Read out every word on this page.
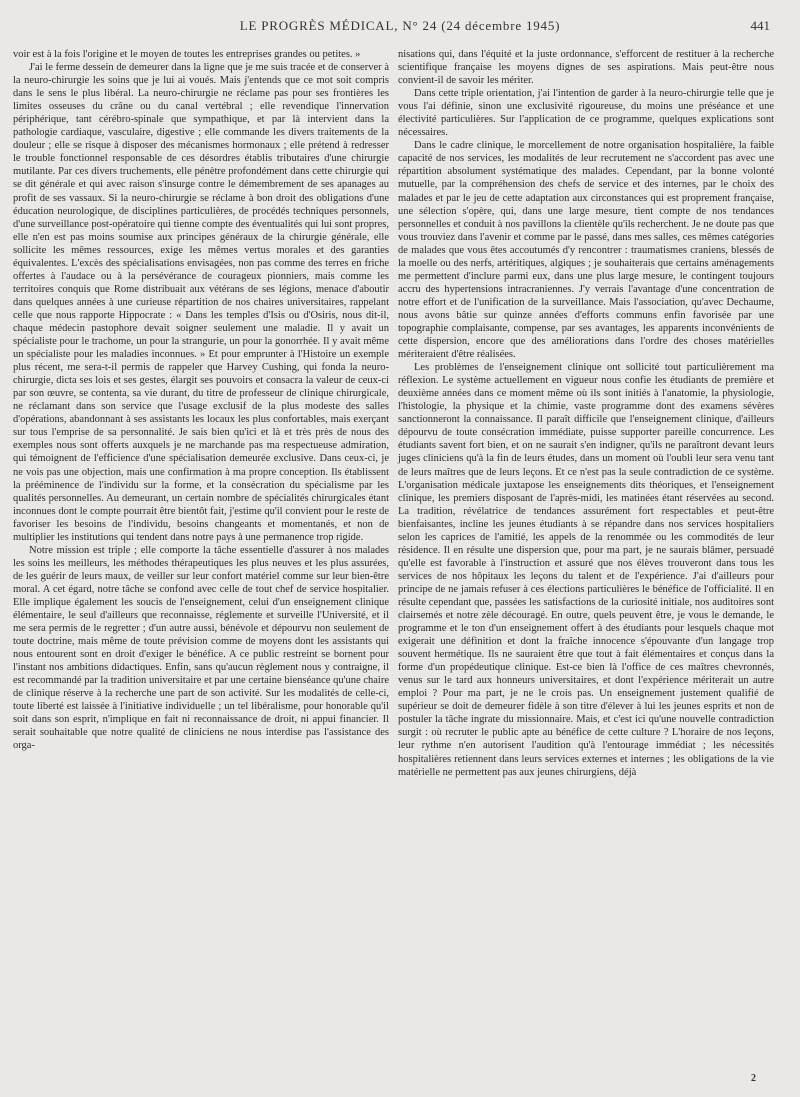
LE PROGRÈS MÉDICAL, N° 24 (24 décembre 1945)	441

voir est à la fois l'origine et le moyen de toutes les entreprises grandes ou petites. »

J'ai le ferme dessein de demeurer dans la ligne que je me suis tracée et de conserver à la neuro-chirurgie les soins que je lui ai voués. Mais j'entends que ce mot soit compris dans le sens le plus libéral. La neuro-chirurgie ne réclame pas pour ses frontières les limites osseuses du crâne ou du canal vertébral ; elle revendique l'innervation périphérique, tant cérébro-spinale que sympathique, et par là intervient dans la pathologie cardiaque, vasculaire, digestive ; elle commande les divers traitements de la douleur ; elle se risque à disposer des mécanismes hormonaux ; elle prétend à redresser le trouble fonctionnel responsable de ces désordres établis tributaires d'une chirurgie mutilante. Par ces divers truchements, elle pénètre profondément dans cette chirurgie qui se dit générale et qui avec raison s'insurge contre le démembrement de ses apanages au profit de ses vassaux. Si la neuro-chirurgie se réclame à bon droit des obligations d'une éducation neurologique, de disciplines particulières, de procédés techniques personnels, d'une surveillance post-opératoire qui tienne compte des éventualités qui lui sont propres, elle n'en est pas moins soumise aux principes généraux de la chirurgie générale, elle sollicite les mêmes ressources, exige les mêmes vertus morales et des garanties équivalentes. L'excès des spécialisations envisagées, non pas comme des terres en friche offertes à l'audace ou à la persévérance de courageux pionniers, mais comme les territoires conquis que Rome distribuait aux vétérans de ses légions, menace d'aboutir dans quelques années à une curieuse répartition de nos chaires universitaires, rappelant celle que nous rapporte Hippocrate : « Dans les temples d'Isis ou d'Osiris, nous dit-il, chaque médecin pastophore devait soigner seulement une maladie. Il y avait un spécialiste pour le trachome, un pour la strangurie, un pour la gonorrhée. Il y avait même un spécialiste pour les maladies inconnues. » Et pour emprunter à l'Histoire un exemple plus récent, me sera-t-il permis de rappeler que Harvey Cushing, qui fonda la neuro-chirurgie, dicta ses lois et ses gestes, élargit ses pouvoirs et consacra la valeur de ceux-ci par son œuvre, se contenta, sa vie durant, du titre de professeur de clinique chirurgicale, ne réclamant dans son service que l'usage exclusif de la plus modeste des salles d'opérations, abandonnant à ses assistants les locaux les plus confortables, mais exerçant sur tous l'emprise de sa personnalité. Je sais bien qu'ici et là et très près de nous des exemples nous sont offerts auxquels je ne marchande pas ma respectueuse admiration, qui témoignent de l'efficience d'une spécialisation demeurée exclusive. Dans ceux-ci, je ne vois pas une objection, mais une confirmation à ma propre conception. Ils établissent la prééminence de l'individu sur la forme, et la consécration du spécialisme par les qualités personnelles. Au demeurant, un certain nombre de spécialités chirurgicales étant inconnues dont le compte pourrait être bientôt fait, j'estime qu'il convient pour le reste de favoriser les besoins de l'individu, besoins changeants et momentanés, et non de multiplier les institutions qui tendent dans notre pays à une permanence trop rigide.

Notre mission est triple ; elle comporte la tâche essentielle d'assurer à nos malades les soins les meilleurs, les méthodes thérapeutiques les plus neuves et les plus assurées, de les guérir de leurs maux, de veiller sur leur confort matériel comme sur leur bien-être moral. A cet égard, notre tâche se confond avec celle de tout chef de service hospitalier. Elle implique également les soucis de l'enseignement, celui d'un enseignement clinique élémentaire, le seul d'ailleurs que reconnaisse, réglemente et surveille l'Université, et il me sera permis de le regretter ; d'un autre aussi, bénévole et dépourvu non seulement de toute doctrine, mais même de toute prévision comme de moyens dont les assistants qui nous entourent sont en droit d'exiger le bénéfice. A ce public restreint se bornent pour l'instant nos ambitions didactiques. Enfin, sans qu'aucun règlement nous y contraigne, il est recommandé par la tradition universitaire et par une certaine bienséance qu'une chaire de clinique réserve à la recherche une part de son activité. Sur les modalités de celle-ci, toute liberté est laissée à l'initiative individuelle ; un tel libéralisme, pour honorable qu'il soit dans son esprit, n'implique en fait ni reconnaissance de droit, ni appui financier. Il serait souhaitable que notre qualité de cliniciens ne nous interdise pas l'assistance des orga-

nisations qui, dans l'équité et la juste ordonnance, s'efforcent de restituer à la recherche scientifique française les moyens dignes de ses aspirations. Mais peut-être nous convient-il de savoir les mériter.

Dans cette triple orientation, j'ai l'intention de garder à la neuro-chirurgie telle que je vous l'ai définie, sinon une exclusivité rigoureuse, du moins une préséance et une électivité particulières. Sur l'application de ce programme, quelques explications sont nécessaires.

Dans le cadre clinique, le morcellement de notre organisation hospitalière, la faible capacité de nos services, les modalités de leur recrutement ne s'accordent pas avec une répartition absolument systématique des malades. Cependant, par la bonne volonté mutuelle, par la compréhension des chefs de service et des internes, par le choix des malades et par le jeu de cette adaptation aux circonstances qui est proprement française, une sélection s'opère, qui, dans une large mesure, tient compte de nos tendances personnelles et conduit à nos pavillons la clientèle qu'ils recherchent. Je ne doute pas que vous trouviez dans l'avenir et comme par le passé, dans mes salles, ces mêmes catégories de malades que vous êtes accoutumés d'y rencontrer : traumatismes craniens, blessés de la moelle ou des nerfs, artéritiques, algiques ; je souhaiterais que certains aménagements me permettent d'inclure parmi eux, dans une plus large mesure, le contingent toujours accru des hypertensions intracraniennes. J'y verrais l'avantage d'une concentration de notre effort et de l'unification de la surveillance. Mais l'association, qu'avec Dechaume, nous avons bâtie sur quinze années d'efforts communs enfin favorisée par une topographie complaisante, compense, par ses avantages, les apparents inconvénients de cette dispersion, encore que des améliorations dans l'ordre des choses matérielles mériteraient d'être réalisées.

Les problèmes de l'enseignement clinique ont sollicité tout particulièrement ma réflexion. Le système actuellement en vigueur nous confie les étudiants de première et deuxième années dans ce moment même où ils sont initiés à l'anatomie, la physiologie, l'histologie, la physique et la chimie, vaste programme dont des examens sévères sanctionneront la connaissance. Il paraît difficile que l'enseignement clinique, d'ailleurs dépourvu de toute consécration immédiate, puisse supporter pareille concurrence. Les étudiants savent fort bien, et on ne saurait s'en indigner, qu'ils ne paraîtront devant leurs juges cliniciens qu'à la fin de leurs études, dans un moment où l'oubli leur sera venu tant de leurs maîtres que de leurs leçons. Et ce n'est pas la seule contradiction de ce système. L'organisation médicale juxtapose les enseignements dits théoriques, et l'enseignement clinique, les premiers disposant de l'après-midi, les matinées étant réservées au second. La tradition, révélatrice de tendances assurément fort respectables et peut-être bienfaisantes, incline les jeunes étudiants à se répandre dans nos services hospitaliers selon les caprices de l'amitié, les appels de la renommée ou les commodités de leur résidence. Il en résulte une dispersion que, pour ma part, je ne saurais blâmer, persuadé qu'elle est favorable à l'instruction et assuré que nos élèves trouveront dans tous les services de nos hôpitaux les leçons du talent et de l'expérience. J'ai d'ailleurs pour principe de ne jamais refuser à ces élections particulières le bénéfice de l'officialité. Il en résulte cependant que, passées les satisfactions de la curiosité initiale, nos auditoires sont clairsemés et notre zèle découragé. En outre, quels peuvent être, je vous le demande, le programme et le ton d'un enseignement offert à des étudiants pour lesquels chaque mot exigerait une définition et dont la fraîche innocence s'épouvante d'un langage trop souvent hermétique. Ils ne sauraient être que tout à fait élémentaires et conçus dans la forme d'un propédeutique clinique. Est-ce bien là l'office de ces maîtres chevronnés, venus sur le tard aux honneurs universitaires, et dont l'expérience mériterait un autre emploi ? Pour ma part, je ne le crois pas. Un enseignement justement qualifié de supérieur se doit de demeurer fidèle à son titre d'élever à lui les jeunes esprits et non de postuler la tâche ingrate du missionnaire. Mais, et c'est ici qu'une nouvelle contradiction surgit : où recruter le public apte au bénéfice de cette culture ? L'horaire de nos leçons, leur rythme n'en autorisent l'audition qu'à l'entourage immédiat ; les nécessités hospitalières retiennent dans leurs services externes et internes ; les obligations de la vie matérielle ne permettent pas aux jeunes chirurgiens, déjà

2
